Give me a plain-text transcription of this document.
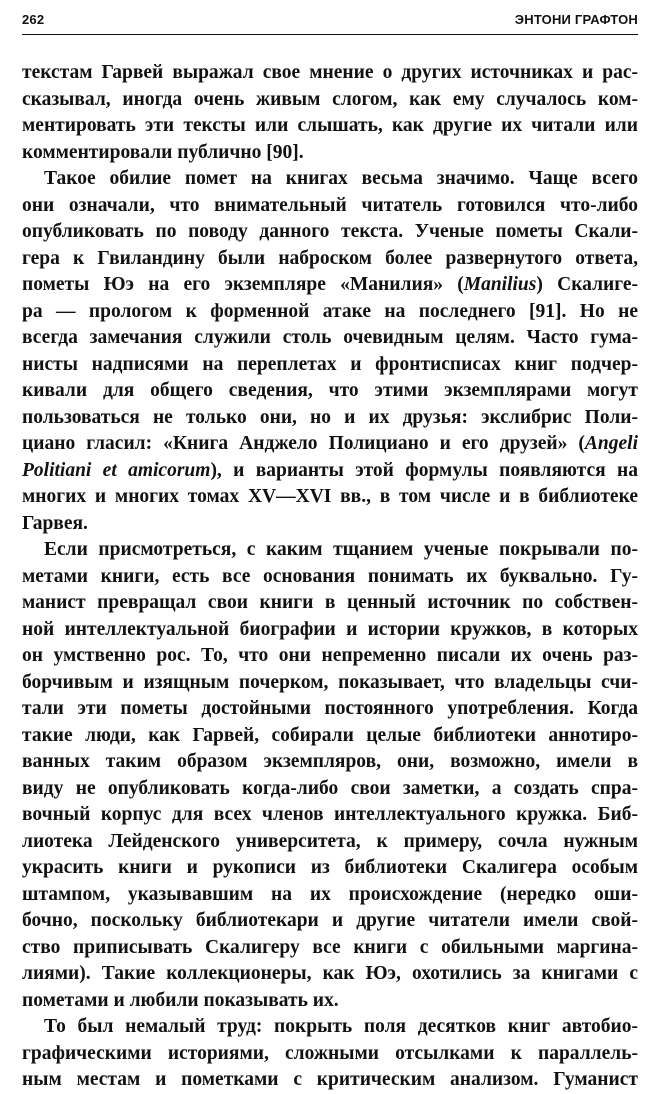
262	ЭНТОНИ ГРАФТОН
текстам Гарвей выражал свое мнение о других источниках и рас-
сказывал, иногда очень живым слогом, как ему случалось ком-
ментировать эти тексты или слышать, как другие их читали или
комментировали публично [90].
Такое обилие помет на книгах весьма значимо. Чаще всего
они означали, что внимательный читатель готовился что-либо
опубликовать по поводу данного текста. Ученые пометы Скали-
гера к Гвиландину были наброском более развернутого ответа,
пометы Юэ на его экземпляре «Манилия» (Manilius) Скалиге-
ра — прологом к форменной атаке на последнего [91]. Но не
всегда замечания служили столь очевидным целям. Часто гума-
нисты надписями на переплетах и фронтисписах книг подчер-
кивали для общего сведения, что этими экземплярами могут
пользоваться не только они, но и их друзья: экслибрис Поли-
циано гласил: «Книга Анджело Полициано и его друзей» (Angeli
Politiani et amicorum), и варианты этой формулы появляются на
многих и многих томах XV—XVI вв., в том числе и в библиотеке
Гарвея.
Если присмотреться, с каким тщанием ученые покрывали по-
метами книги, есть все основания понимать их буквально. Гу-
манист превращал свои книги в ценный источник по собствен-
ной интеллектуальной биографии и истории кружков, в которых
он умственно рос. То, что они непременно писали их очень раз-
борчивым и изящным почерком, показывает, что владельцы счи-
тали эти пометы достойными постоянного употребления. Когда
такие люди, как Гарвей, собирали целые библиотеки аннотиро-
ванных таким образом экземпляров, они, возможно, имели в
виду не опубликовать когда-либо свои заметки, а создать спра-
вочный корпус для всех членов интеллектуального кружка. Биб-
лиотека Лейденского университета, к примеру, сочла нужным
украсить книги и рукописи из библиотеки Скалигера особым
штампом, указывавшим на их происхождение (нередко оши-
бочно, поскольку библиотекари и другие читатели имели свой-
ство приписывать Скалигеру все книги с обильными маргина-
лиями). Такие коллекционеры, как Юэ, охотились за книгами с
пометами и любили показывать их.
То был немалый труд: покрыть поля десятков книг автобио-
графическими историями, сложными отсылками к параллель-
ным местам и пометками с критическим анализом. Гуманист
